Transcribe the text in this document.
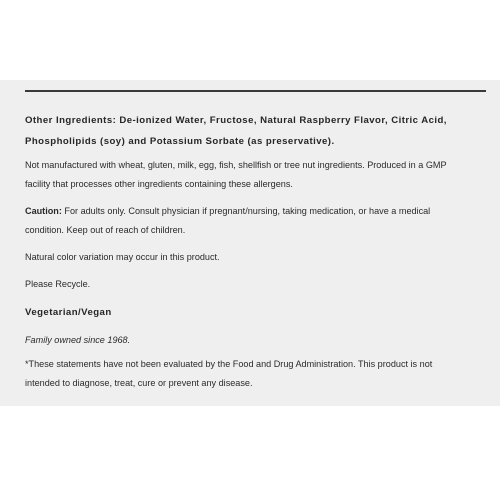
Other Ingredients: De-ionized Water, Fructose, Natural Raspberry Flavor, Citric Acid,
Phospholipids (soy) and Potassium Sorbate (as preservative).

Not manufactured with wheat, gluten, milk, egg, fish, shellfish or tree nut ingredients. Produced in a GMP
facility that processes other ingredients containing these allergens.

Caution: For adults only. Consult physician if pregnant/nursing, taking medication, or have a medical
condition. Keep out of reach of children.

Natural color variation may occur in this product.

Please Recycle.

Vegetarian/Vegan

Family owned since 1968.

*These statements have not been evaluated by the Food and Drug Administration. This product is not
intended to diagnose, treat, cure or prevent any disease.
